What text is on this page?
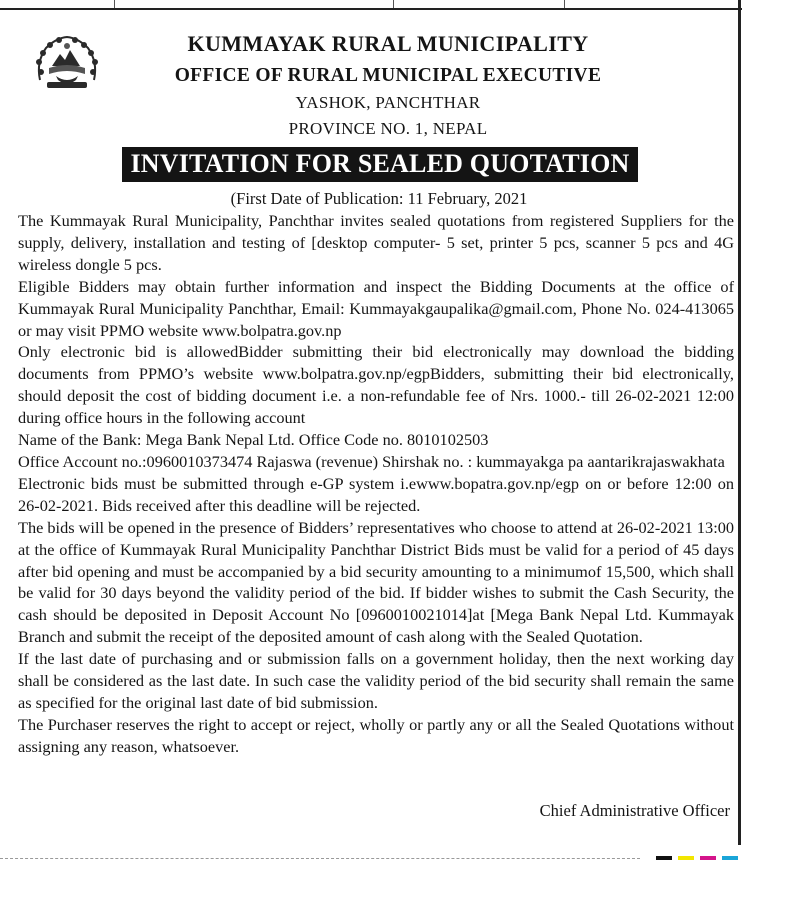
KUMMAYAK RURAL MUNICIPALITY
OFFICE OF RURAL MUNICIPAL EXECUTIVE
YASHOK, PANCHTHAR
PROVINCE NO. 1, NEPAL
INVITATION FOR SEALED QUOTATION
(First Date of Publication: 11 February, 2021

The Kummayak Rural Municipality, Panchthar invites sealed quotations from registered Suppliers for the supply, delivery, installation and testing of [desktop computer- 5 set, printer 5 pcs, scanner 5 pcs and 4G wireless dongle 5 pcs.

Eligible Bidders may obtain further information and inspect the Bidding Documents at the office of Kummayak Rural Municipality Panchthar, Email: Kummayakgaupalika@gmail.com, Phone No. 024-413065 or may visit PPMO website www.bolpatra.gov.np

Only electronic bid is allowedBidder submitting their bid electronically may download the bidding documents from PPMO’s website www.bolpatra.gov.np/egpBidders, submitting their bid electronically, should deposit the cost of bidding document i.e. a non-refundable fee of Nrs. 1000.- till 26-02-2021 12:00 during office hours in the following account

Name of the Bank: Mega Bank Nepal Ltd. Office Code no. 8010102503

Office Account no.:0960010373474 Rajaswa (revenue) Shirshak no. : kummayakga pa aantarikrajaswakhata

Electronic bids must be submitted through e-GP system i.ewww.bopatra.gov.np/egp on or before 12:00 on 26-02-2021. Bids received after this deadline will be rejected.

The bids will be opened in the presence of Bidders’ representatives who choose to attend at 26-02-2021 13:00 at the office of Kummayak Rural Municipality Panchthar District Bids must be valid for a period of 45 days after bid opening and must be accompanied by a bid security amounting to a minimumof 15,500, which shall be valid for 30 days beyond the validity period of the bid. If bidder wishes to submit the Cash Security, the cash should be deposited in Deposit Account No [0960010021014]at [Mega Bank Nepal Ltd. Kummayak Branch and submit the receipt of the deposited amount of cash along with the Sealed Quotation.

If the last date of purchasing and or submission falls on a government holiday, then the next working day shall be considered as the last date. In such case the validity period of the bid security shall remain the same as specified for the original last date of bid submission.

The Purchaser reserves the right to accept or reject, wholly or partly any or all the Sealed Quotations without assigning any reason, whatsoever.

Chief Administrative Officer
